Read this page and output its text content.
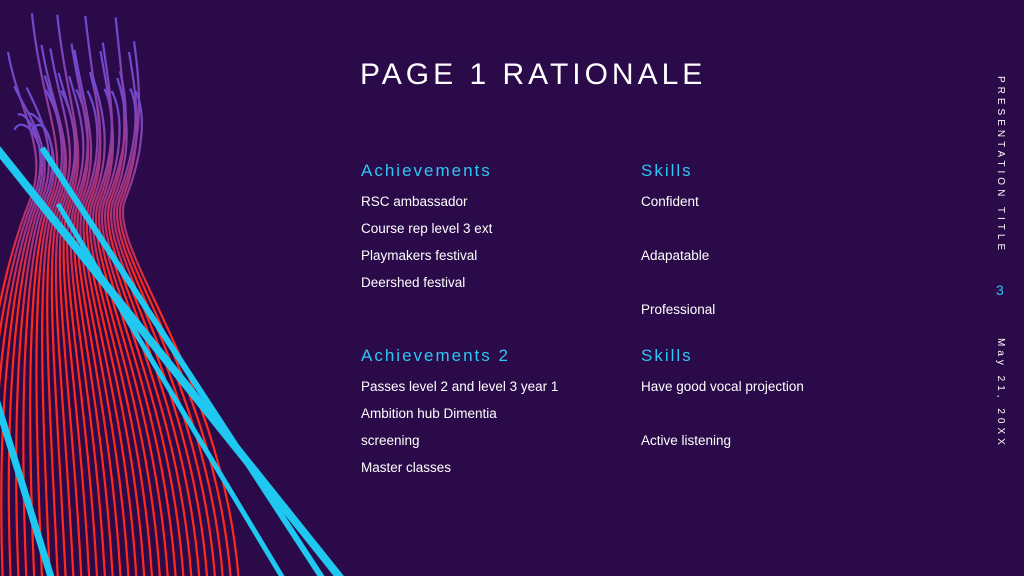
PAGE 1 RATIONALE
Achievements
RSC ambassador
Course rep level 3 ext
Playmakers festival
Deershed festival
Skills
Confident
Adapatable
Professional
Achievements 2
Passes level 2 and level 3 year 1
Ambition hub Dimentia
screening
Master classes
Skills
Have good vocal projection
Active listening
PRESENTATION TITLE
3
May 21, 20XX
